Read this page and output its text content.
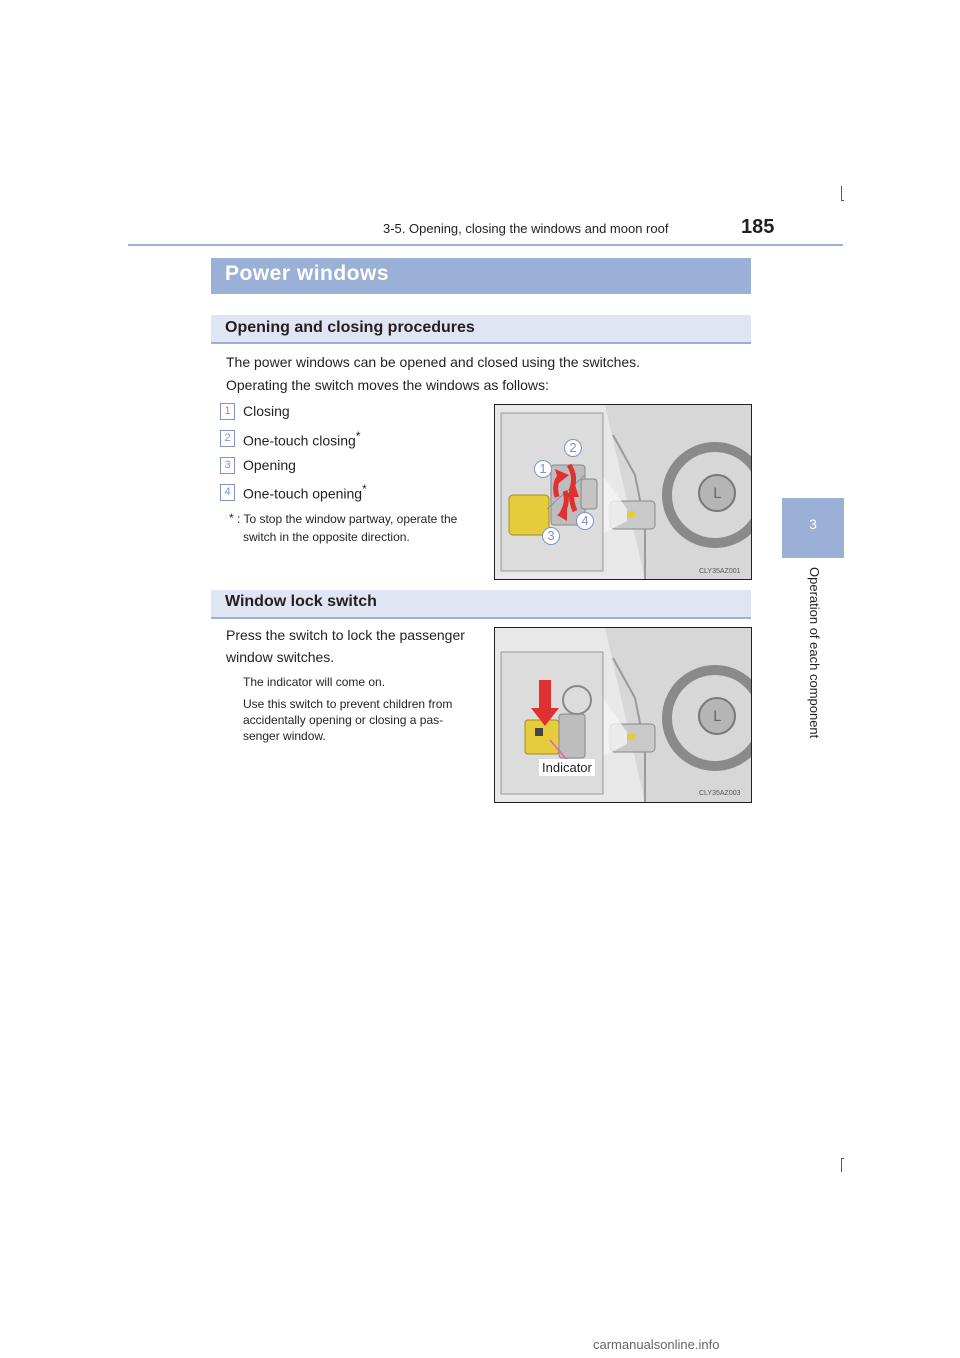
3-5. Opening, closing the windows and moon roof	185
3
Operation of each component
Power windows
Opening and closing procedures
The power windows can be opened and closed using the switches.
Operating the switch moves the windows as follows:
1 Closing
2 One-touch closing*
3 Opening
4 One-touch opening*
* : To stop the window partway, operate the
switch in the opposite direction.
L
1
2
3
4
CLY35AZ001
Window lock switch
Press the switch to lock the passenger
window switches.
The indicator will come on.
Use this switch to prevent children from
accidentally opening or closing a pas-
senger window.
L
Indicator
CLY35AZ003
carmanualsonline.info
